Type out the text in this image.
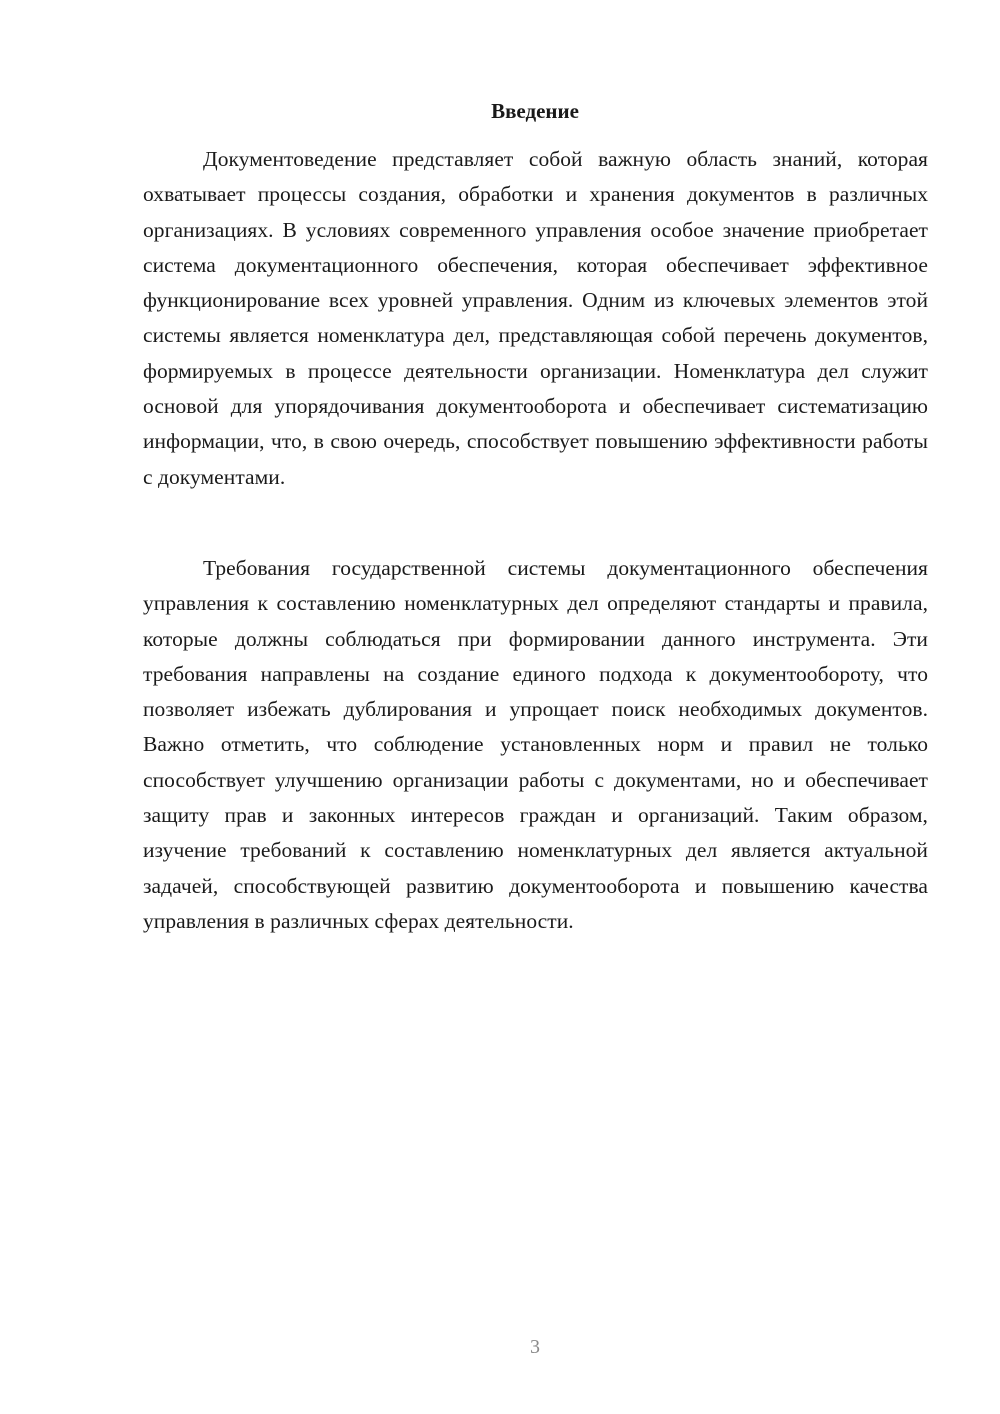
Введение

Документоведение представляет собой важную область знаний, которая охватывает процессы создания, обработки и хранения документов в различных организациях. В условиях современного управления особое значение приобретает система документационного обеспечения, которая обеспечивает эффективное функционирование всех уровней управления. Одним из ключевых элементов этой системы является номенклатура дел, представляющая собой перечень документов, формируемых в процессе деятельности организации. Номенклатура дел служит основой для упорядочивания документооборота и обеспечивает систематизацию информации, что, в свою очередь, способствует повышению эффективности работы с документами.

Требования государственной системы документационного обеспечения управления к составлению номенклатурных дел определяют стандарты и правила, которые должны соблюдаться при формировании данного инструмента. Эти требования направлены на создание единого подхода к документообороту, что позволяет избежать дублирования и упрощает поиск необходимых документов. Важно отметить, что соблюдение установленных норм и правил не только способствует улучшению организации работы с документами, но и обеспечивает защиту прав и законных интересов граждан и организаций. Таким образом, изучение требований к составлению номенклатурных дел является актуальной задачей, способствующей развитию документооборота и повышению качества управления в различных сферах деятельности.

3
